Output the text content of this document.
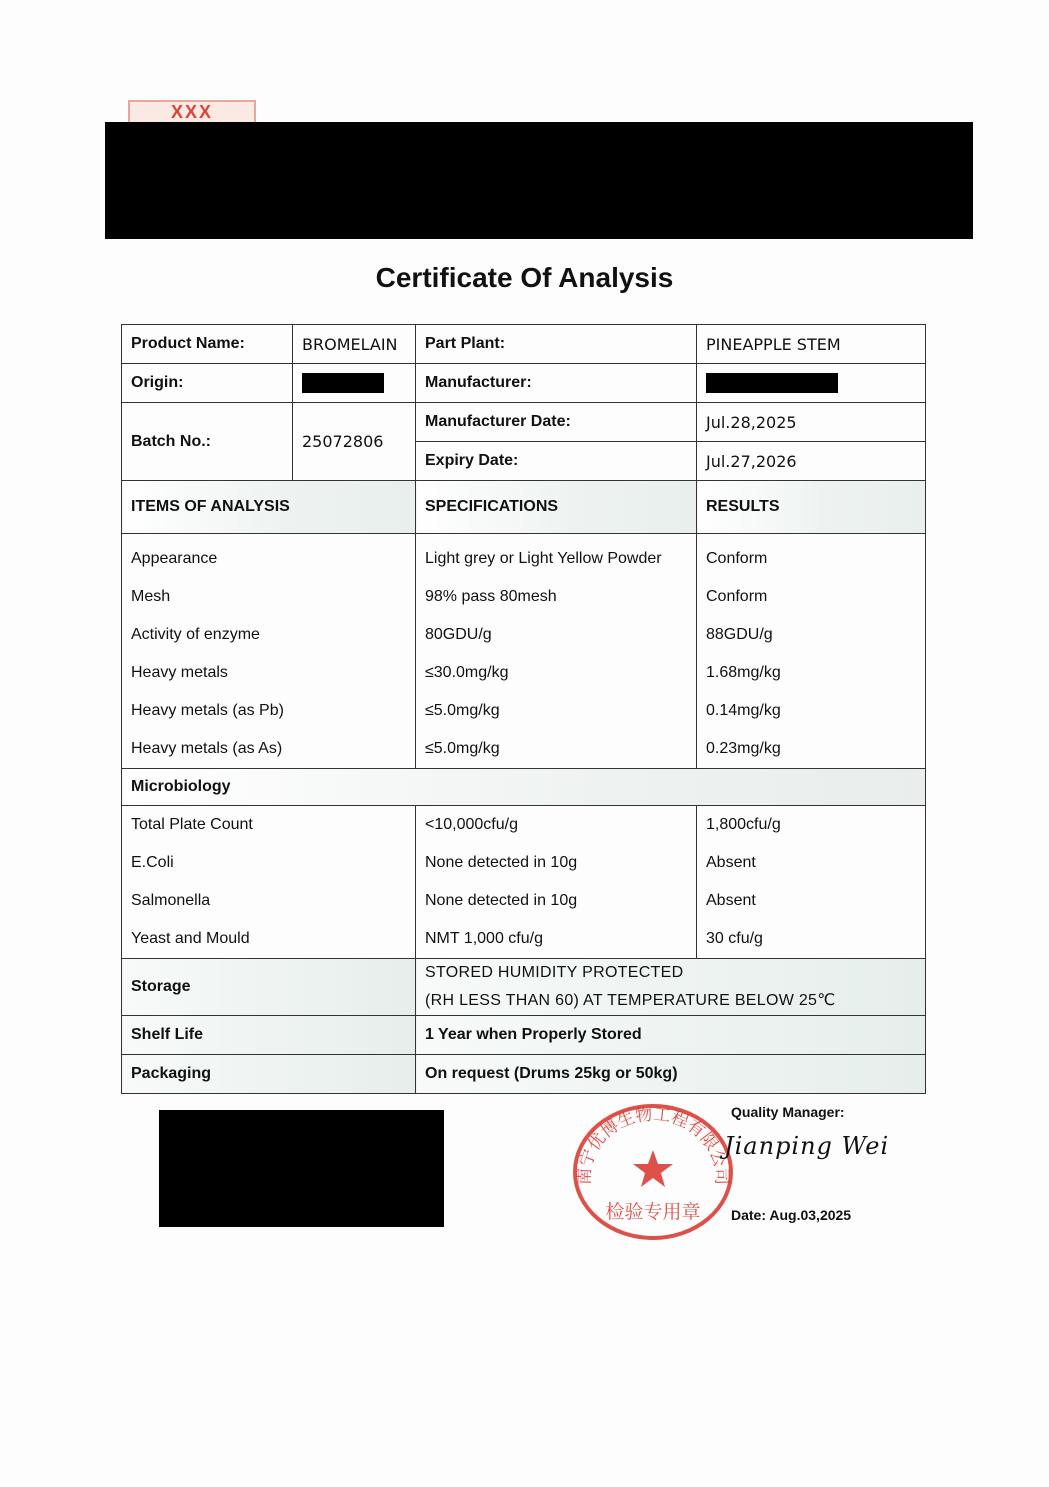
XXX
Certificate Of Analysis
Product Name:	BROMELAIN	Part Plant:	PINEAPPLE STEM
Origin:		Manufacturer:	
Batch No.:	25072806	Manufacturer Date:	Jul.28,2025
		Expiry Date:	Jul.27,2026
ITEMS OF ANALYSIS		SPECIFICATIONS	RESULTS
Appearance		Light grey or Light Yellow Powder	Conform
Mesh		98% pass 80mesh	Conform
Activity of enzyme		80GDU/g	88GDU/g
Heavy metals		≤30.0mg/kg	1.68mg/kg
Heavy metals (as Pb)		≤5.0mg/kg	0.14mg/kg
Heavy metals (as As)		≤5.0mg/kg	0.23mg/kg
Microbiology			
Total Plate Count		<10,000cfu/g	1,800cfu/g
E.Coli		None detected in 10g	Absent
Salmonella		None detected in 10g	Absent
Yeast and Mould		NMT 1,000 cfu/g	30 cfu/g
Storage		STORED HUMIDITY PROTECTED
(RH LESS THAN 60) AT TEMPERATURE BELOW 25℃	

Shelf Life		1 Year when Properly Stored	
Packaging		On request (Drums 25kg or 50kg)	
南宁优博生物工程有限公司
检验专用章
Quality Manager:
Jianping Wei
Date: Aug.03,2025
